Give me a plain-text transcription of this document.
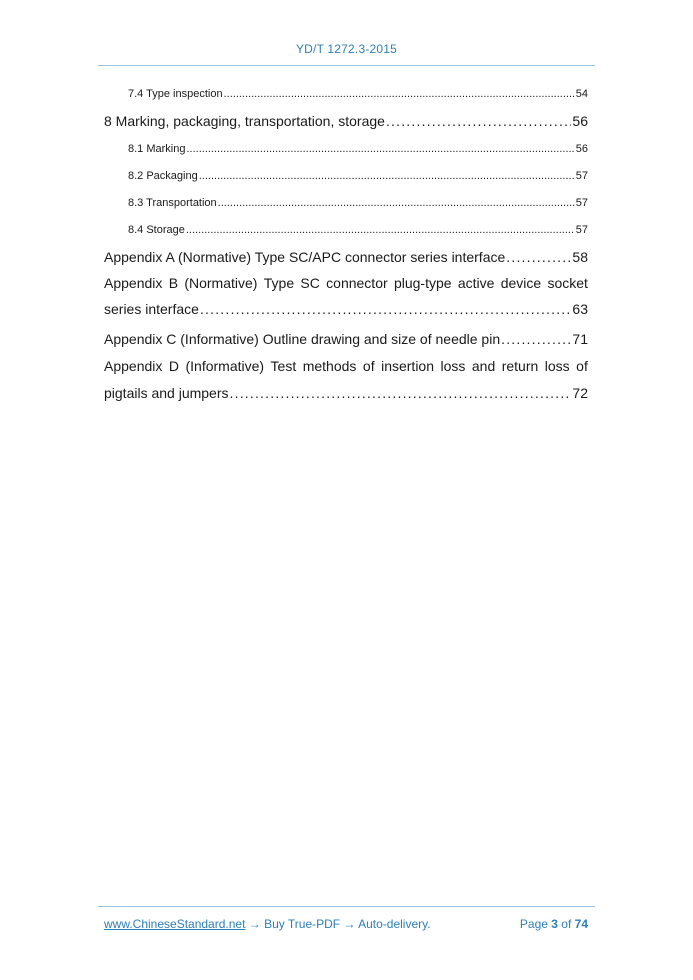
YD/T 1272.3-2015
7.4 Type inspection .....	54
8 Marking, packaging, transportation, storage .....	56
8.1 Marking .....	56
8.2 Packaging .....	57
8.3 Transportation .....	57
8.4 Storage .....	57
Appendix A (Normative) Type SC/APC connector series interface .....	58
Appendix B (Normative) Type SC connector plug-type active device socket
series interface .....	63
Appendix C (Informative) Outline drawing and size of needle pin .....	71
Appendix D (Informative) Test methods of insertion loss and return loss of
pigtails and jumpers .....	72
www.ChineseStandard.net → Buy True-PDF → Auto-delivery.	Page 3 of 74
